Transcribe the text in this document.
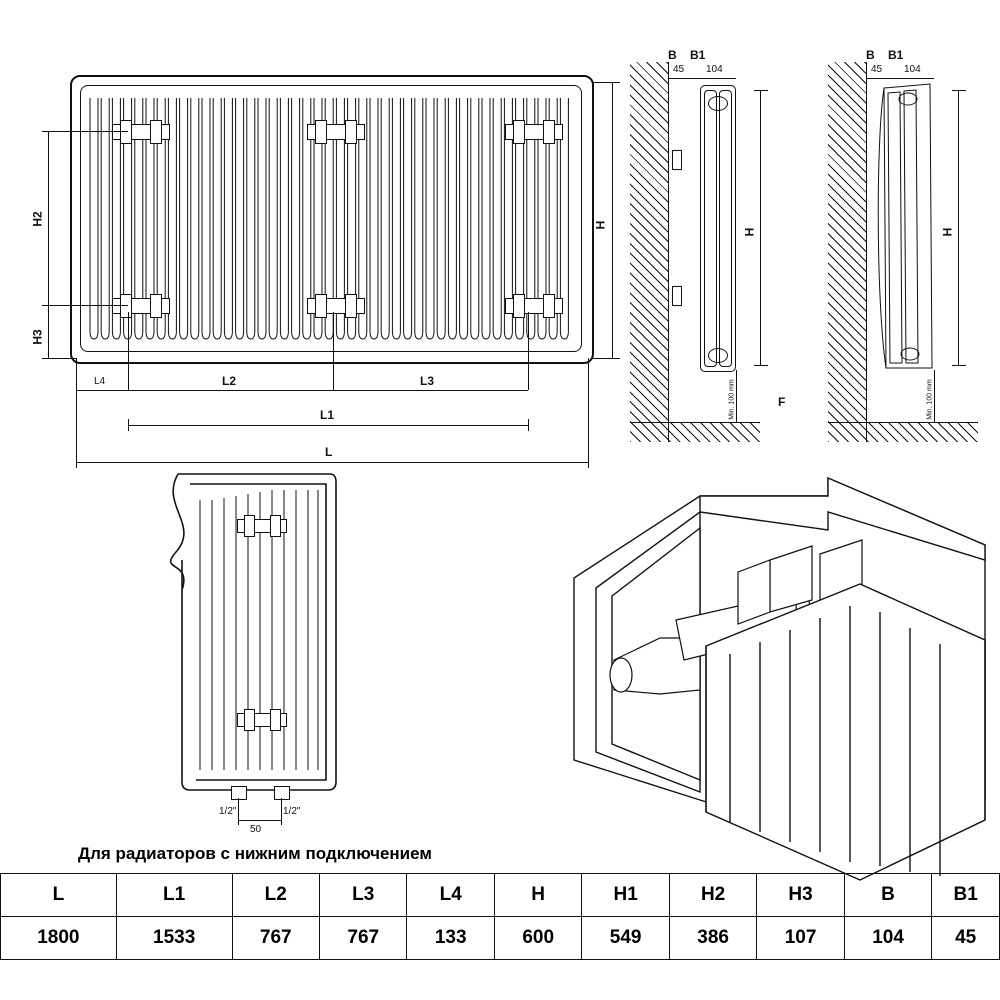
H2
H3
H
L4	L2	L3
L1
L
B B1
45 104
H
Min. 100 mm
B B1
45 104
H
Min. 100 mm
F
50
1/2"	1/2"
Для радиаторов с нижним подключением
L	L1	L2	L3	L4	H	H1	H2	H3	B	B1
1800	1533	767	767	133	600	549	386	107	104	45
